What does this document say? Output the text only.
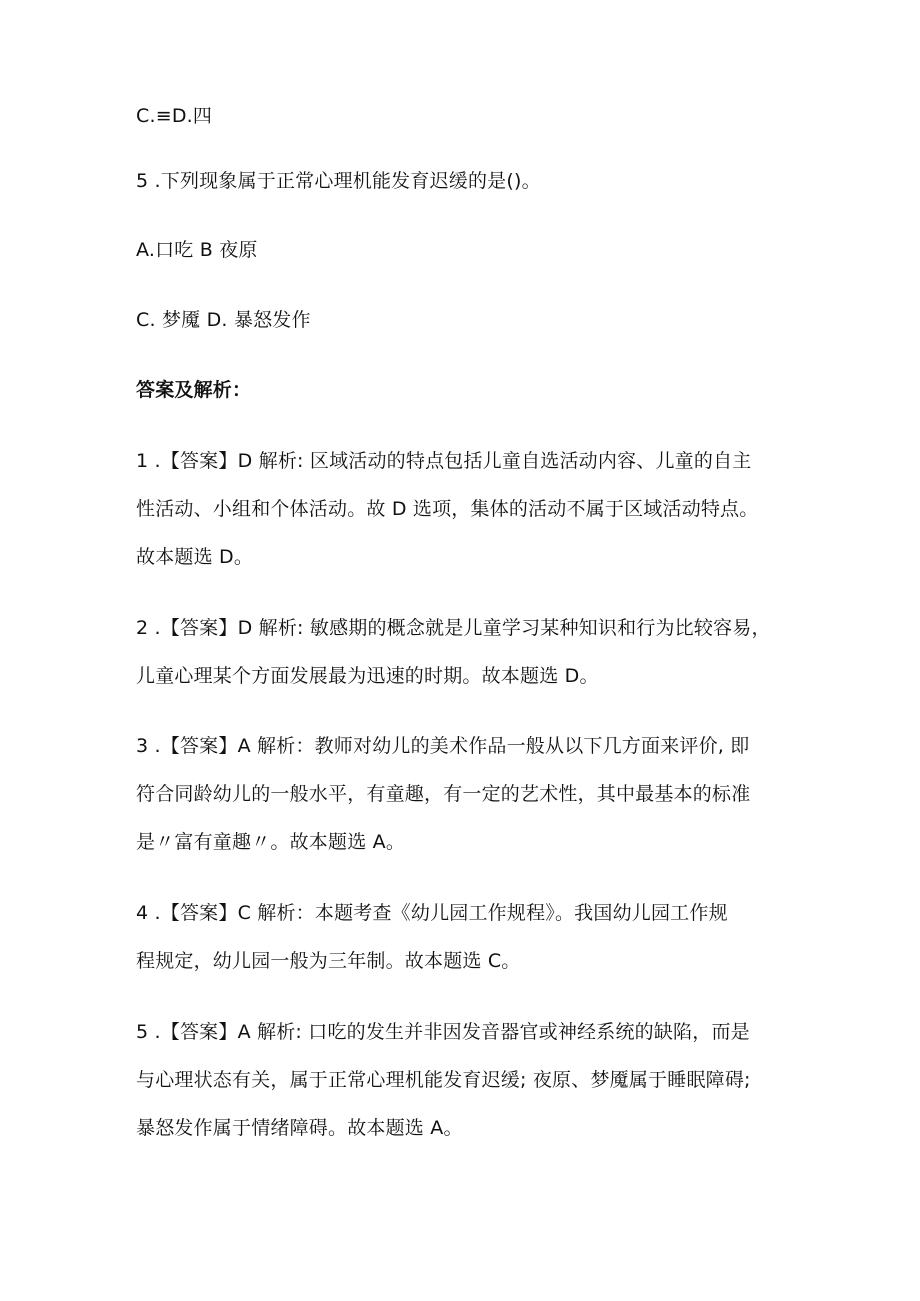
C.≡D.四
5 .下列现象属于正常心理机能发育迟缓的是()。
A.口吃 B 夜原
C. 梦魇 D. 暴怒发作
答案及解析：
1 .【答案】D 解析: 区域活动的特点包括儿童自选活动内容、儿童的自主
性活动、小组和个体活动。故 D 选项，集体的活动不属于区域活动特点。
故本题选 D。
2 .【答案】D 解析: 敏感期的概念就是儿童学习某种知识和行为比较容易，
儿童心理某个方面发展最为迅速的时期。故本题选 D。
3 .【答案】A 解析：教师对幼儿的美术作品一般从以下几方面来评价, 即
符合同龄幼儿的一般水平，有童趣，有一定的艺术性，其中最基本的标准
是〃富有童趣〃。故本题选 A。
4 .【答案】C 解析：本题考查《幼儿园工作规程》。我国幼儿园工作规
程规定，幼儿园一般为三年制。故本题选 C。
5 .【答案】A 解析: 口吃的发生并非因发音器官或神经系统的缺陷，而是
与心理状态有关，属于正常心理机能发育迟缓; 夜原、梦魇属于睡眠障碍;
暴怒发作属于情绪障碍。故本题选 A。
